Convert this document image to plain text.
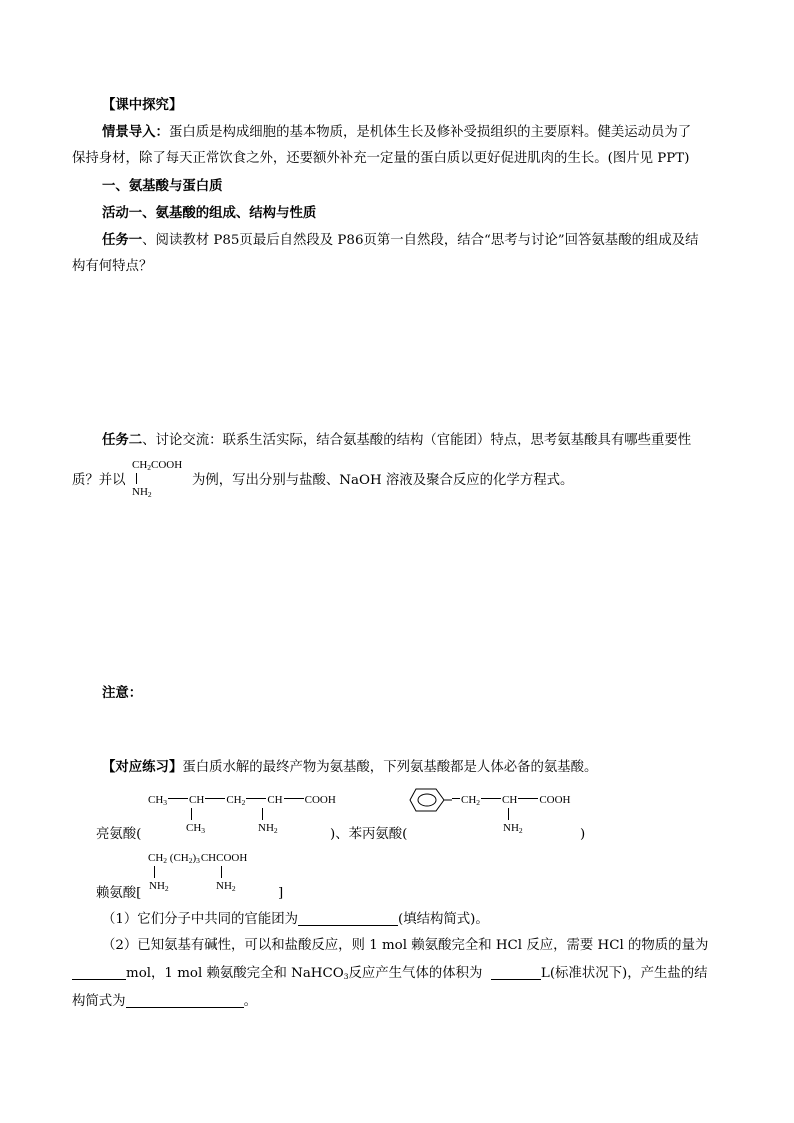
【课中探究】
情景导入：蛋白质是构成细胞的基本物质，是机体生长及修补受损组织的主要原料。健美运动员为了
保持身材，除了每天正常饮食之外，还要额外补充一定量的蛋白质以更好促进肌肉的生长。(图片见 PPT)
一、氨基酸与蛋白质
活动一、氨基酸的组成、结构与性质
任务一、阅读教材 P85页最后自然段及 P86页第一自然段，结合“思考与讨论”回答氨基酸的组成及结
构有何特点？
任务二、讨论交流：联系生活实际，结合氨基酸的结构（官能团）特点，思考氨基酸具有哪些重要性
质？并以
$CH_2COOH$
$NH_2$
为例，写出分别与盐酸、NaOH 溶液及聚合反应的化学方程式。
注意：
【对应练习】蛋白质水解的最终产物为氨基酸，下列氨基酸都是人体必备的氨基酸。
$CH_3$ CH $CH_2$ CH COOH
$CH_3$	$NH_2$
亮氨酸(	)、苯丙氨酸(	)
$CH_2$ CH COOH
$NH_2$
$CH_2$ $(CH_2)_3$ CHCOOH
$NH_2$	$NH_2$
赖氨酸[	]
（1）它们分子中共同的官能团为	(填结构简式)。
（2）已知氨基有碱性，可以和盐酸反应，则 1 mol 赖氨酸完全和 HCl 反应，需要 HCl 的物质的量为
mol，1 mol 赖氨酸完全和 NaHCO$_3$反应产生气体的体积为	L(标准状况下)，产生盐的结
构简式为	。
